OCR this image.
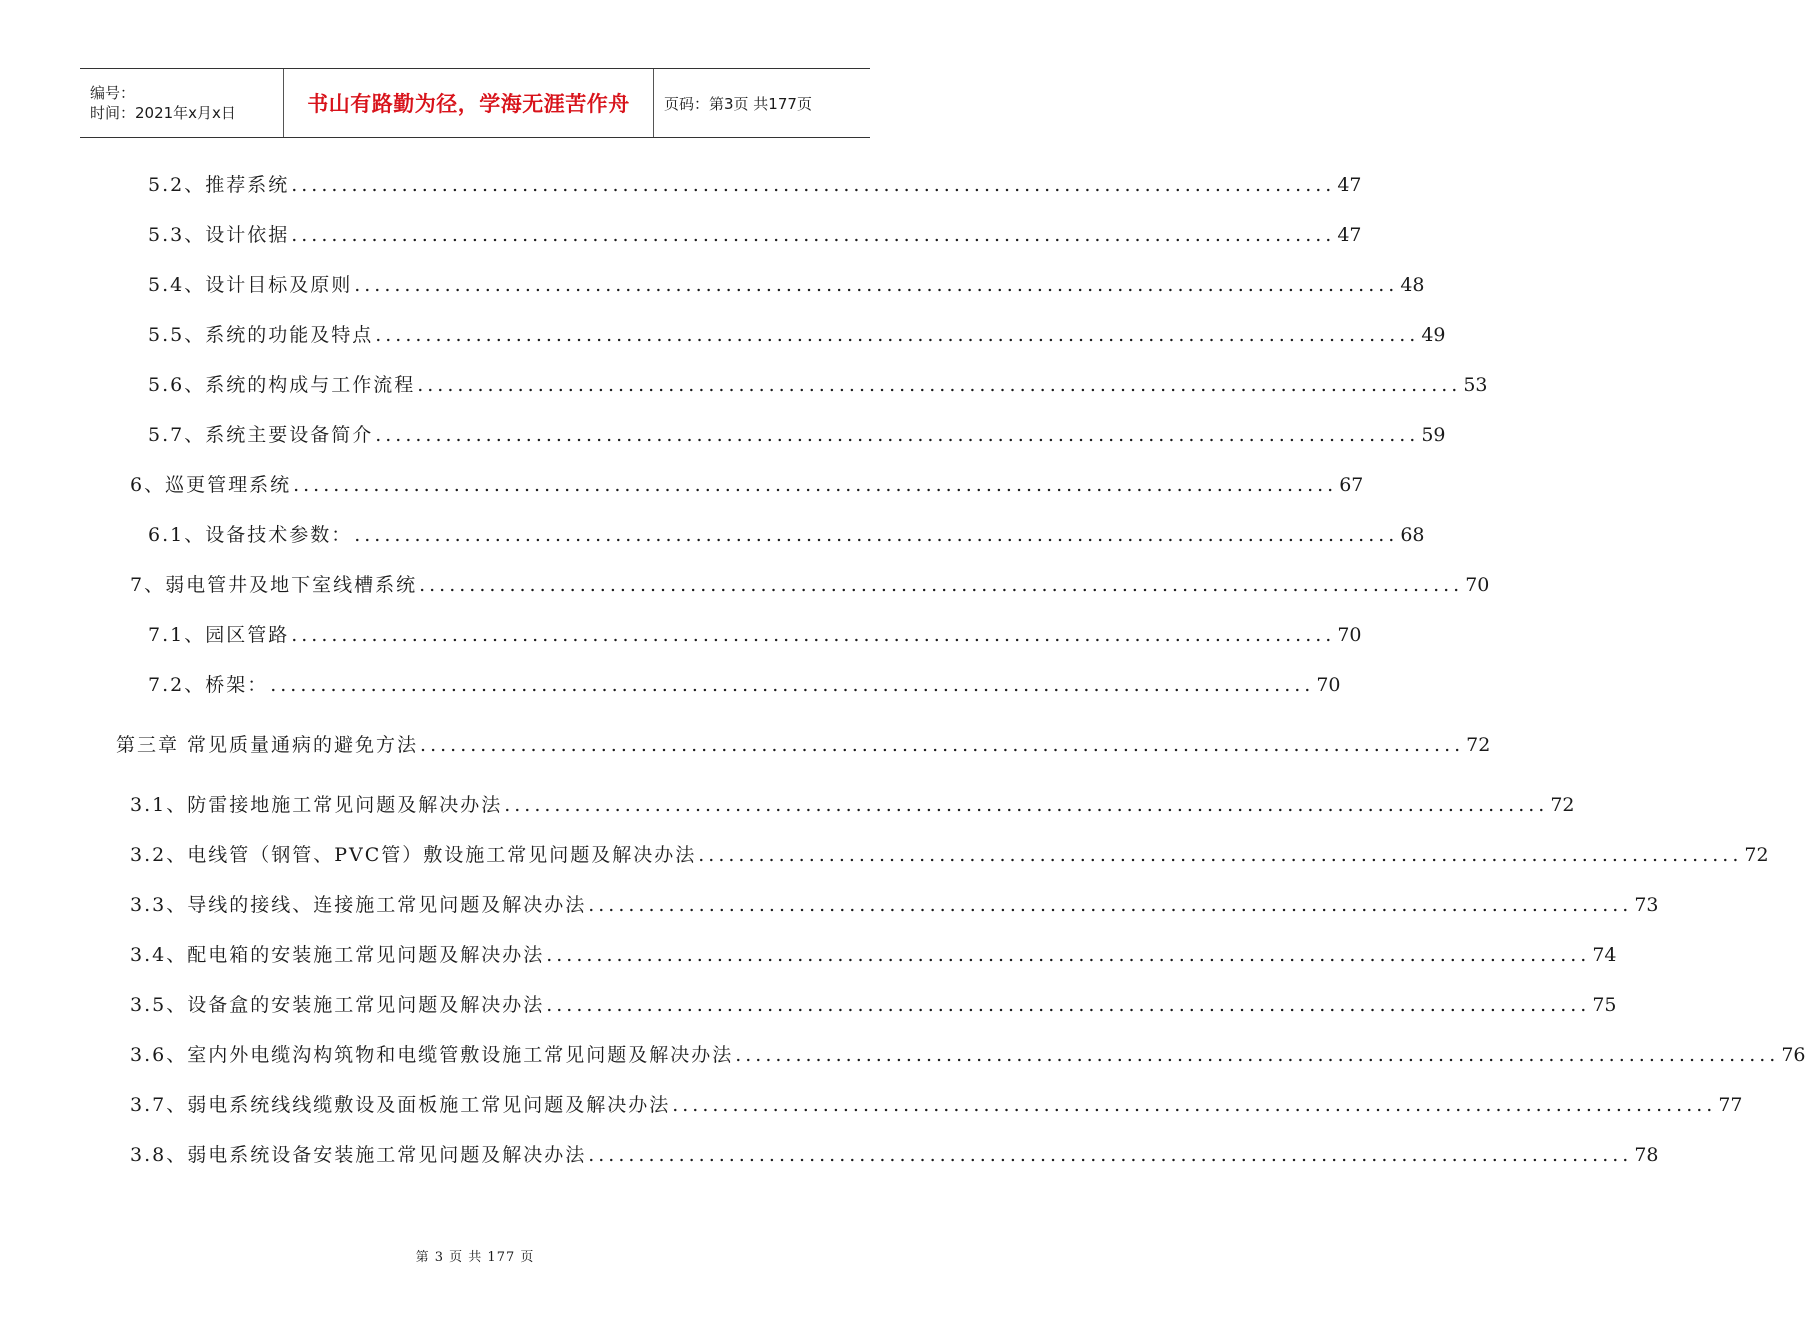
编号：
时间：2021年x月x日	书山有路勤为径，学海无涯苦作舟 页码：第3页 共177页
5.2、推荐系统 ........................................................................................................ 47
5.3、设计依据 ........................................................................................................ 47
5.4、设计目标及原则 ........................................................................................................ 48
5.5、系统的功能及特点 ........................................................................................................ 49
5.6、系统的构成与工作流程 ........................................................................................................ 53
5.7、系统主要设备简介 ........................................................................................................ 59
6、巡更管理系统 ........................................................................................................ 67
6.1、设备技术参数： ........................................................................................................ 68
7、弱电管井及地下室线槽系统 ........................................................................................................ 70
7.1、园区管路 ........................................................................................................ 70
7.2、桥架： ........................................................................................................ 70
第三章 常见质量通病的避免方法 ........................................................................................................ 72
3.1、防雷接地施工常见问题及解决办法 ........................................................................................................ 72
3.2、电线管（钢管、PVC管）敷设施工常见问题及解决办法 ........................................................................................................ 72
3.3、导线的接线、连接施工常见问题及解决办法 ........................................................................................................ 73
3.4、配电箱的安装施工常见问题及解决办法 ........................................................................................................ 74
3.5、设备盒的安装施工常见问题及解决办法 ........................................................................................................ 75
3.6、室内外电缆沟构筑物和电缆管敷设施工常见问题及解决办法 ........................................................................................................ 76
3.7、弱电系统线线缆敷设及面板施工常见问题及解决办法 ........................................................................................................ 77
3.8、弱电系统设备安装施工常见问题及解决办法 ........................................................................................................ 78
第 3 页 共 177 页
